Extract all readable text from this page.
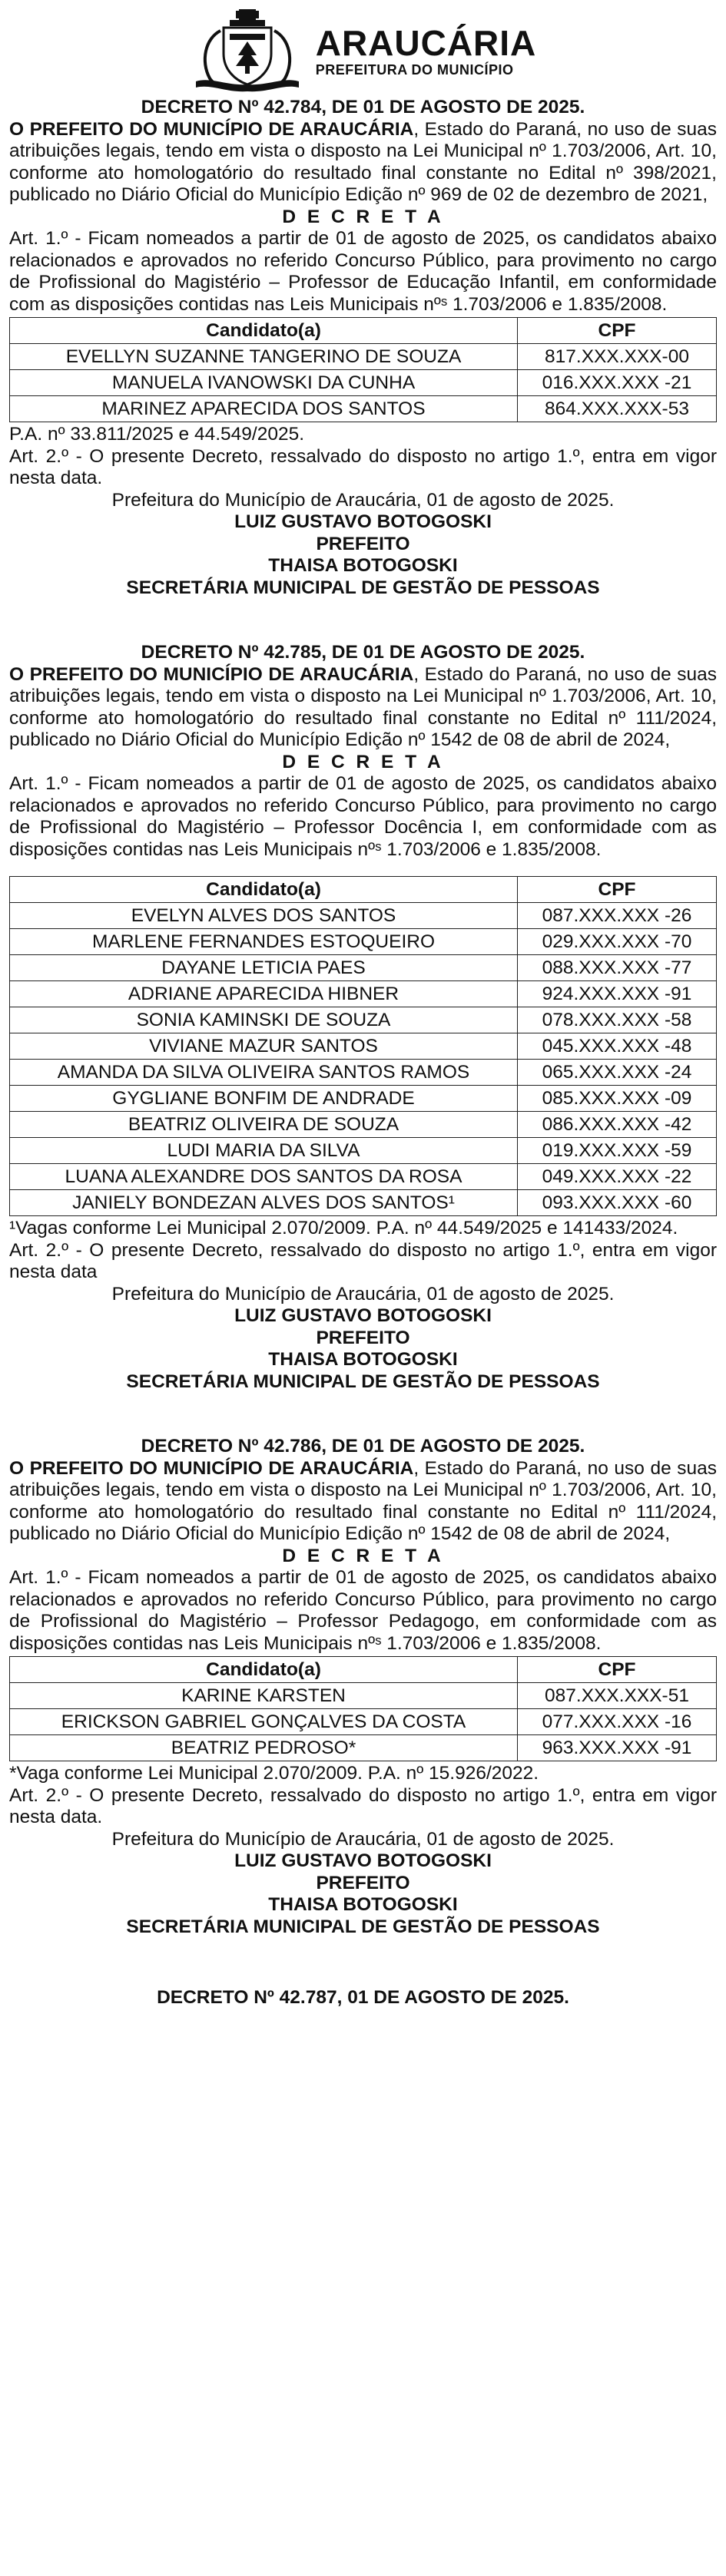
ARAUCÁRIA
PREFEITURA DO MUNICÍPIO
DECRETO Nº 42.784, DE 01 DE AGOSTO DE 2025.
O PREFEITO DO MUNICÍPIO DE ARAUCÁRIA, Estado do Paraná, no uso de suas atribuições legais, tendo em vista o disposto na Lei Municipal nº 1.703/2006, Art. 10, conforme ato homologatório do resultado final constante no Edital nº 398/2021, publicado no Diário Oficial do Município Edição nº 969 de 02 de dezembro de 2021,
D E C R E T A
Art. 1.º - Ficam nomeados a partir de 01 de agosto de 2025, os candidatos abaixo relacionados e aprovados no referido Concurso Público, para provimento no cargo de Profissional do Magistério – Professor de Educação Infantil, em conformidade com as disposições contidas nas Leis Municipais nºˢ 1.703/2006 e 1.835/2008.
Candidato(a)	CPF
EVELLYN SUZANNE TANGERINO DE SOUZA	817.XXX.XXX-00
MANUELA IVANOWSKI DA CUNHA	016.XXX.XXX -21
MARINEZ APARECIDA DOS SANTOS	864.XXX.XXX-53
P.A. nº 33.811/2025 e 44.549/2025.
Art. 2.º - O presente Decreto, ressalvado do disposto no artigo 1.º, entra em vigor nesta data.
Prefeitura do Município de Araucária, 01 de agosto de 2025.
LUIZ GUSTAVO BOTOGOSKI
PREFEITO
THAISA BOTOGOSKI
SECRETÁRIA MUNICIPAL DE GESTÃO DE PESSOAS
DECRETO Nº 42.785, DE 01 DE AGOSTO DE 2025.
O PREFEITO DO MUNICÍPIO DE ARAUCÁRIA, Estado do Paraná, no uso de suas atribuições legais, tendo em vista o disposto na Lei Municipal nº 1.703/2006, Art. 10, conforme ato homologatório do resultado final constante no Edital nº 111/2024, publicado no Diário Oficial do Município Edição nº 1542 de 08 de abril de 2024,
D E C R E T A
Art. 1.º - Ficam nomeados a partir de 01 de agosto de 2025, os candidatos abaixo relacionados e aprovados no referido Concurso Público, para provimento no cargo de Profissional do Magistério – Professor Docência I, em conformidade com as disposições contidas nas Leis Municipais nºˢ 1.703/2006 e 1.835/2008.
Candidato(a)	CPF
EVELYN ALVES DOS SANTOS	087.XXX.XXX -26
MARLENE FERNANDES ESTOQUEIRO	029.XXX.XXX -70
DAYANE LETICIA PAES	088.XXX.XXX -77
ADRIANE APARECIDA HIBNER	924.XXX.XXX -91
SONIA KAMINSKI DE SOUZA	078.XXX.XXX -58
VIVIANE MAZUR SANTOS	045.XXX.XXX -48
AMANDA DA SILVA OLIVEIRA SANTOS RAMOS	065.XXX.XXX -24
GYGLIANE BONFIM DE ANDRADE	085.XXX.XXX -09
BEATRIZ OLIVEIRA DE SOUZA	086.XXX.XXX -42
LUDI MARIA DA SILVA	019.XXX.XXX -59
LUANA ALEXANDRE DOS SANTOS DA ROSA	049.XXX.XXX -22
JANIELY BONDEZAN ALVES DOS SANTOS¹	093.XXX.XXX -60
¹Vagas conforme Lei Municipal 2.070/2009. P.A. nº 44.549/2025 e 141433/2024.
Art. 2.º - O presente Decreto, ressalvado do disposto no artigo 1.º, entra em vigor nesta data
Prefeitura do Município de Araucária, 01 de agosto de 2025.
LUIZ GUSTAVO BOTOGOSKI
PREFEITO
THAISA BOTOGOSKI
SECRETÁRIA MUNICIPAL DE GESTÃO DE PESSOAS
DECRETO Nº 42.786, DE 01 DE AGOSTO DE 2025.
O PREFEITO DO MUNICÍPIO DE ARAUCÁRIA, Estado do Paraná, no uso de suas atribuições legais, tendo em vista o disposto na Lei Municipal nº 1.703/2006, Art. 10, conforme ato homologatório do resultado final constante no Edital nº 111/2024, publicado no Diário Oficial do Município Edição nº 1542 de 08 de abril de 2024,
D E C R E T A
Art. 1.º - Ficam nomeados a partir de 01 de agosto de 2025, os candidatos abaixo relacionados e aprovados no referido Concurso Público, para provimento no cargo de Profissional do Magistério – Professor Pedagogo, em conformidade com as disposições contidas nas Leis Municipais nºˢ 1.703/2006 e 1.835/2008.
Candidato(a)	CPF
KARINE KARSTEN	087.XXX.XXX-51
ERICKSON GABRIEL GONÇALVES DA COSTA	077.XXX.XXX -16
BEATRIZ PEDROSO*	963.XXX.XXX -91
*Vaga conforme Lei Municipal 2.070/2009. P.A. nº 15.926/2022.
Art. 2.º - O presente Decreto, ressalvado do disposto no artigo 1.º, entra em vigor nesta data.
Prefeitura do Município de Araucária, 01 de agosto de 2025.
LUIZ GUSTAVO BOTOGOSKI
PREFEITO
THAISA BOTOGOSKI
SECRETÁRIA MUNICIPAL DE GESTÃO DE PESSOAS
DECRETO Nº 42.787, 01 DE AGOSTO DE 2025.
